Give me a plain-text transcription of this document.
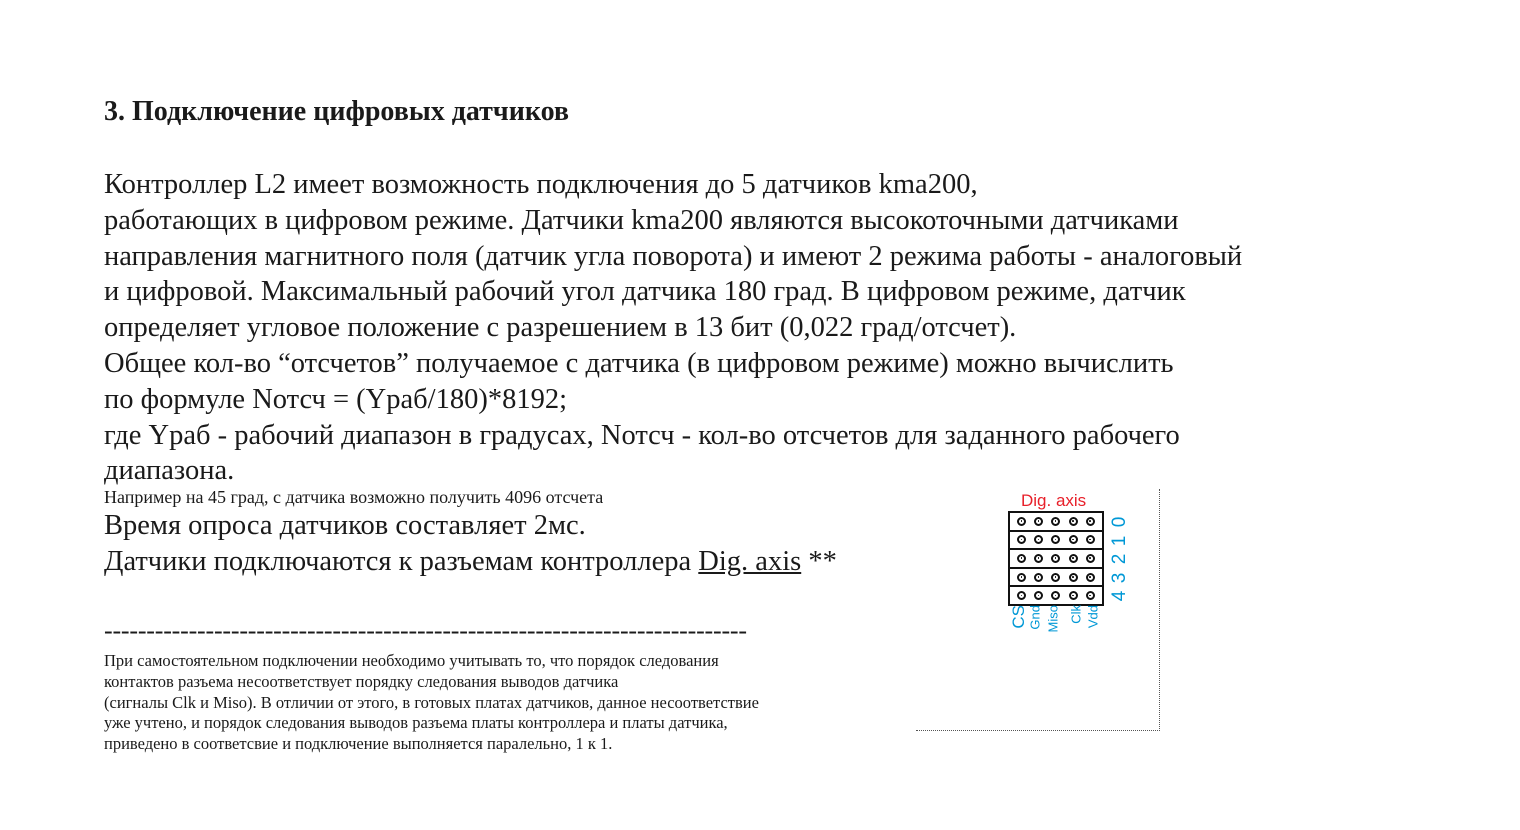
3. Подключение цифровых датчиков
Контроллер L2 имеет возможность подключения до 5 датчиков kma200,
работающих в цифровом режиме. Датчики kma200 являются высокоточными датчиками
направления магнитного поля (датчик угла поворота) и имеют 2 режима работы - аналоговый
и цифровой. Максимальный рабочий угол датчика 180 град. В цифровом режиме, датчик
определяет угловое положение с разрешением в 13 бит (0,022 град/отсчет).
Общее кол-во “отсчетов” получаемое с датчика (в цифровом режиме) можно вычислить
по формуле Nотсч = (Yраб/180)*8192;
где Yраб - рабочий диапазон в градусах, Nотсч - кол-во отсчетов для заданного рабочего
диапазона.
Например на 45 град, с датчика возможно получить 4096 отсчета
Время опроса датчиков составляет 2мс.
Датчики подключаются к разъемам контроллера Dig. axis **
----------------------------------------------------------------------------
При самостоятельном подключении необходимо учитывать то, что порядок следования
контактов разъема несоответствует порядку следования выводов датчика
(сигналы Clk и Miso). В отличии от этого, в готовых платах датчиков, данное несоответствие
уже учтено, и порядок следования выводов разъема платы контроллера и платы датчика,
приведено в соответсвие и подключение выполняется паралельно, 1 к 1.
Dig. axis
0
1
2
3
4
CS Gnd Miso Clk Vdd
